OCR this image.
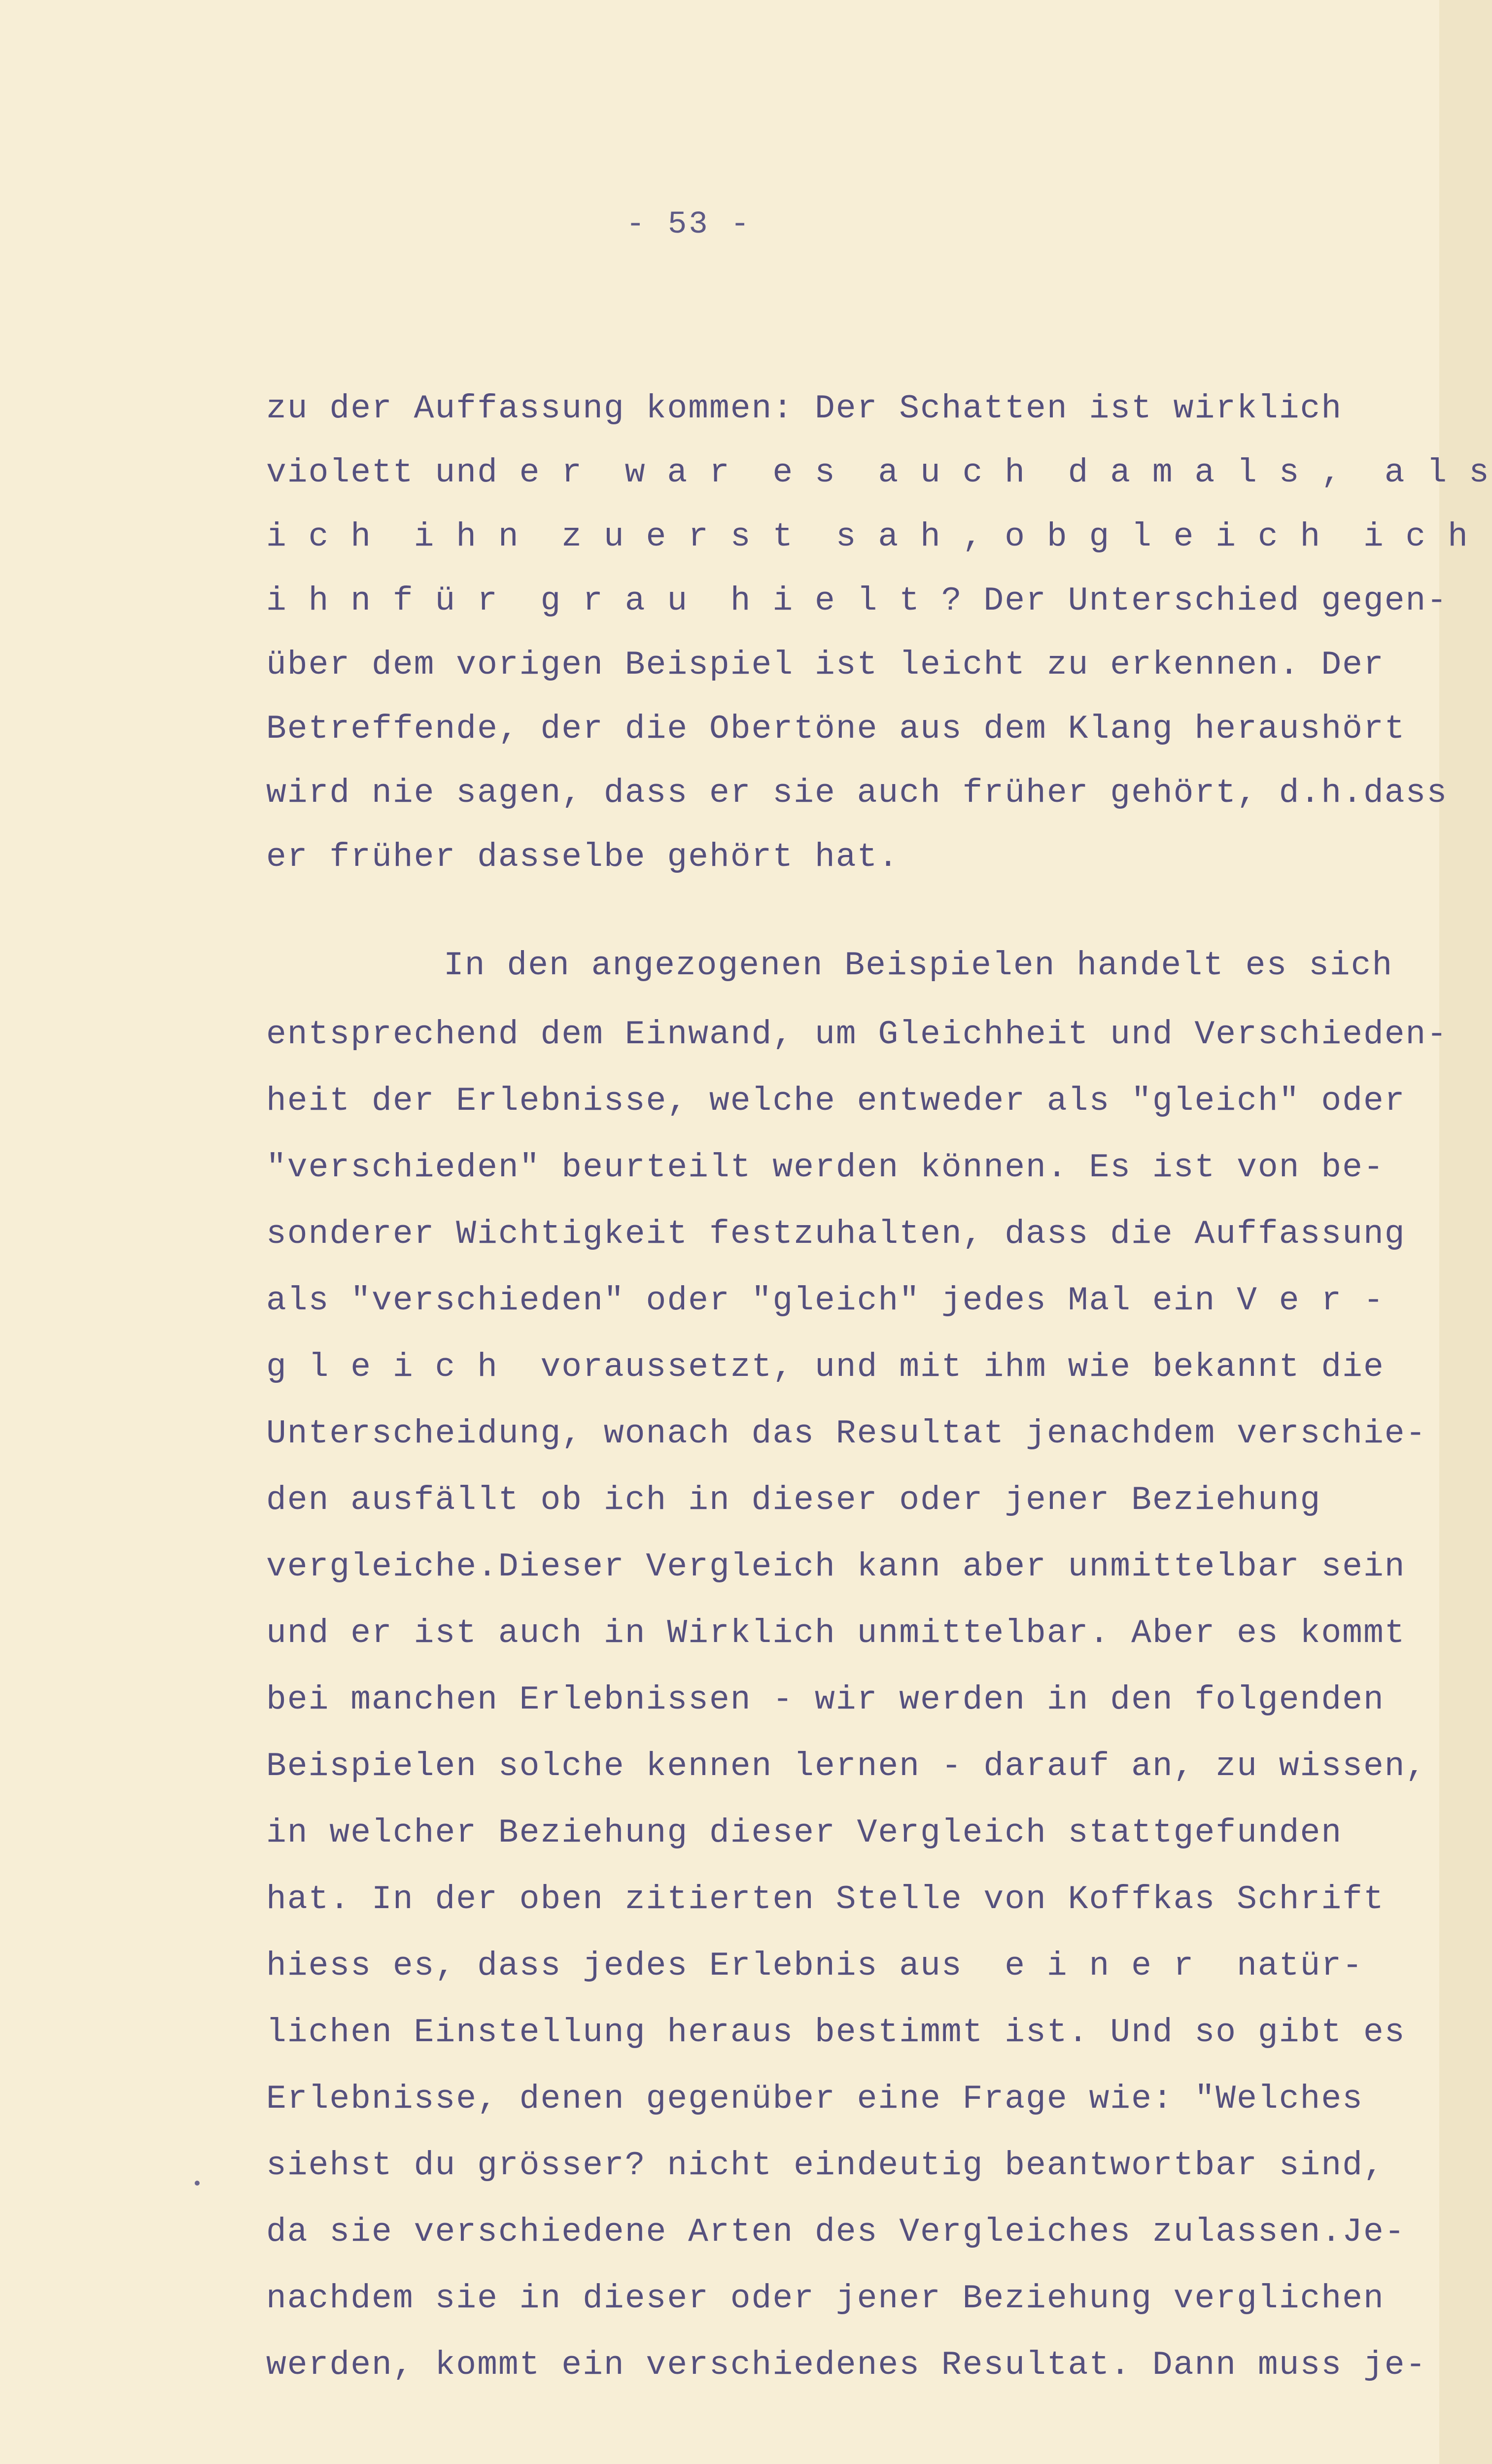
- 53 -
zu der Auffassung kommen: Der Schatten ist wirklich
violett und e r  w a r  e s  a u c h  d a m a l s ,  a l s
i c h  i h n  z u e r s t  s a h , o b g l e i c h  i c h
i h n f ü r  g r a u  h i e l t ? Der Unterschied gegen-
über dem vorigen Beispiel ist leicht zu erkennen. Der
Betreffende, der die Obertöne aus dem Klang heraushört
wird nie sagen, dass er sie auch früher gehört, d.h.dass
er früher dasselbe gehört hat.
In den angezogenen Beispielen handelt es sich
entsprechend dem Einwand, um Gleichheit und Verschieden-
heit der Erlebnisse, welche entweder als "gleich" oder
"verschieden" beurteilt werden können. Es ist von be-
sonderer Wichtigkeit festzuhalten, dass die Auffassung
als "verschieden" oder "gleich" jedes Mal ein V e r -
g l e i c h  voraussetzt, und mit ihm wie bekannt die
Unterscheidung, wonach das Resultat jenachdem verschie-
den ausfällt ob ich in dieser oder jener Beziehung
vergleiche.Dieser Vergleich kann aber unmittelbar sein
und er ist auch in Wirklich unmittelbar. Aber es kommt
bei manchen Erlebnissen - wir werden in den folgenden
Beispielen solche kennen lernen - darauf an, zu wissen,
in welcher Beziehung dieser Vergleich stattgefunden
hat. In der oben zitierten Stelle von Koffkas Schrift
hiess es, dass jedes Erlebnis aus  e i n e r  natür-
lichen Einstellung heraus bestimmt ist. Und so gibt es
Erlebnisse, denen gegenüber eine Frage wie: "Welches
siehst du grösser? nicht eindeutig beantwortbar sind,
da sie verschiedene Arten des Vergleiches zulassen.Je-
nachdem sie in dieser oder jener Beziehung verglichen
werden, kommt ein verschiedenes Resultat. Dann muss je-
